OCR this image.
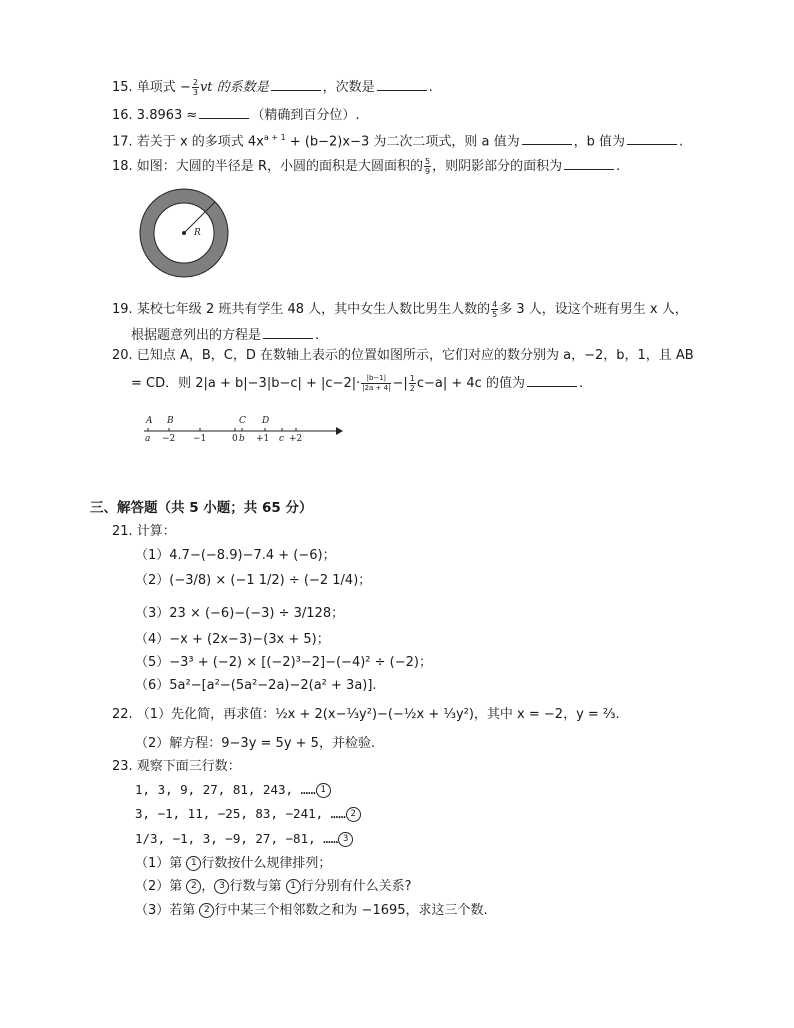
15. 单项式 − $\frac{2}{3}$ vt 的系数是	，次数是	.
16. 3.8963 ≈	（精确到百分位）.
17. 若关于 x 的多项式 $4x^{a + 1} + (b-2)x-3$ 为二次二项式，则 a 值为	，b 值为	.
18. 如图：大圆的半径是 R，小圆的面积是大圆面积的 $\frac{5}{9}$ ，则阴影部分的面积为	.
R
19. 某校七年级 2 班共有学生 48 人，其中女生人数比男生人数的 $\frac{4}{5}$ 多 3 人，设这个班有男生 x 人，
根据题意列出的方程是	.
20. 已知点 A，B，C，D 在数轴上表示的位置如图所示，它们对应的数分别为 a，−2，b，1，且 AB
= CD．则 $2|a + b|-3|b-c| + |c-2|\cdot \frac{|b-1|}{|2a + 4|}$ −| $\frac{1}{2} c-a| + 4c$ 的值为	.
A B	C D
a −2 −1	0 b +1 c +2
三、解答题（共 5 小题；共 65 分）
21. 计算：
（1）4.7−(−8.9)−7.4 + (−6)；
（2）(−3/8) × (−1 1/2) ÷ (−2 1/4)；
（3）23 × (−6)−(−3) ÷ 3/128；
（4）−x + (2x−3)−(3x + 5)；
（5）−3³ + (−2) × [(−2)³−2]−(−4)² ÷ (−2)；
（6）5a²−[a²−(5a²−2a)−2(a² + 3a)].
22. （1）先化简，再求值：½x + 2(x−⅓y²)−(−½x + ⅓y²)，其中 x = −2，y = ⅔.
（2）解方程：9−3y = 5y + 5，并检验.
23. 观察下面三行数：
1, 3, 9, 27, 81, 243, …… 1
3, −1, 11, −25, 83, −241, …… 2
1/3, −1, 3, −9, 27, −81, …… 3
（1）第 1 行数按什么规律排列；
（2）第 2 ， 3 行数与第 1 行分别有什么关系?
（3）若第 2 行中某三个相邻数之和为 −1695，求这三个数.
